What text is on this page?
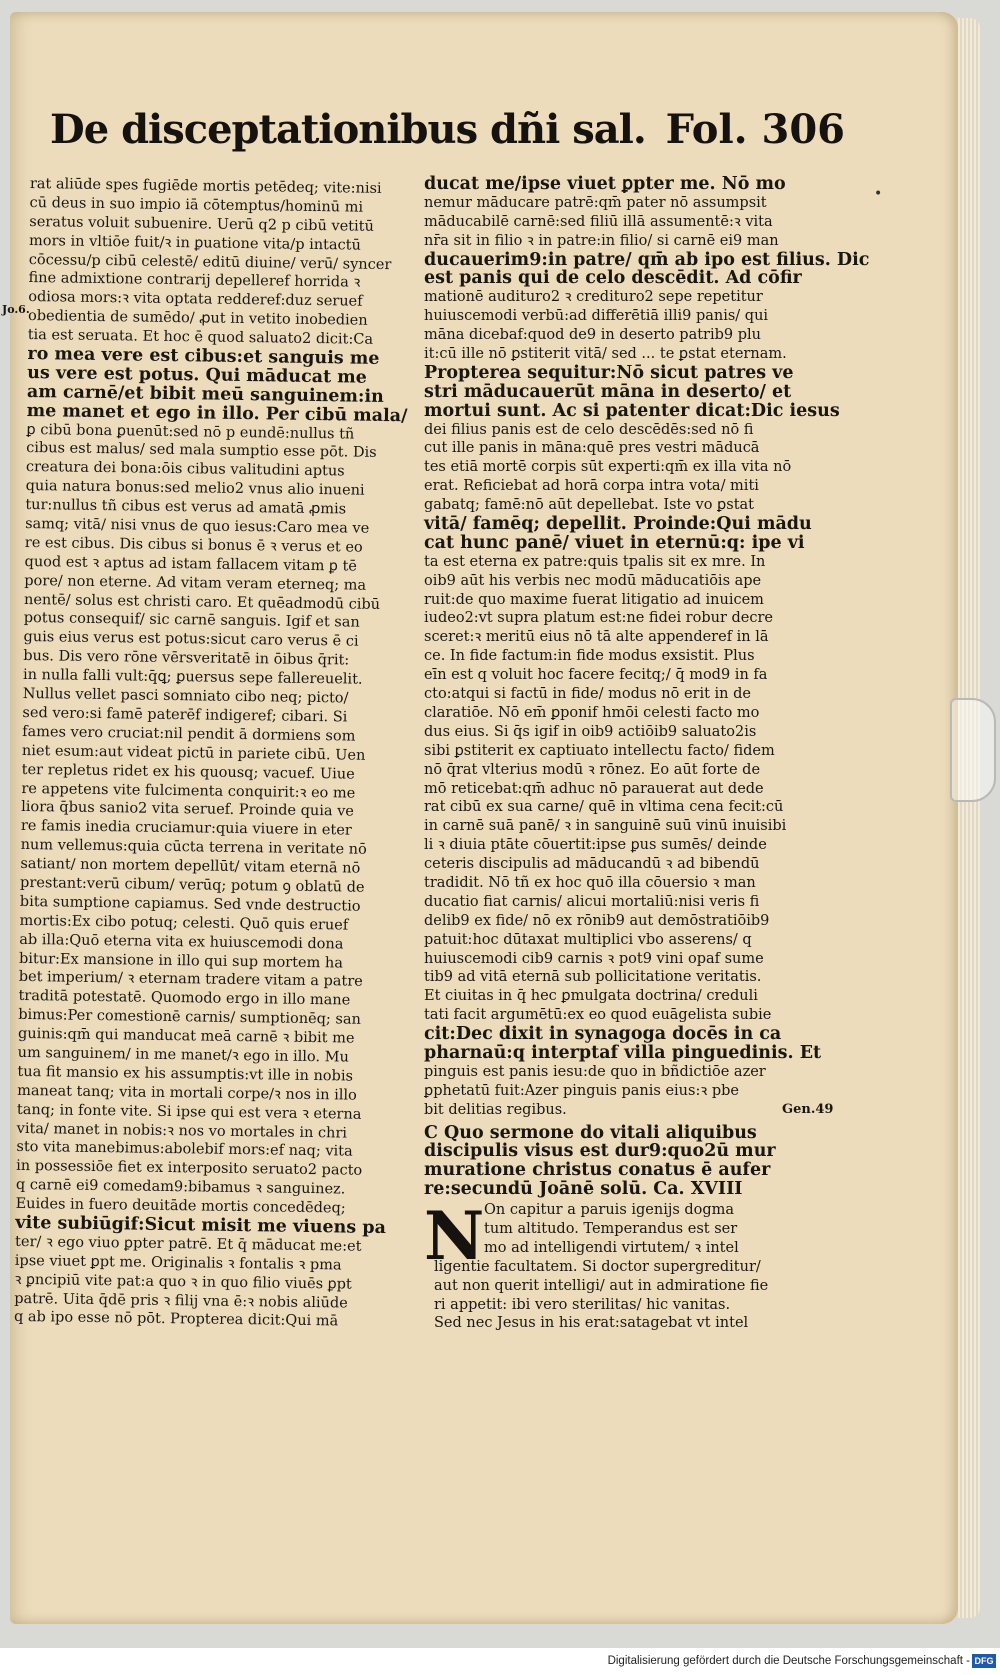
De disceptationibus dñi sal. Fol. 306
•
rat aliūde spes fugiēde mortis petēdeq; vite:nisi
cū deus in suo impio iā cōtemptus/hominū mi
seratus voluit subuenire. Uerū q2 p cibū vetitū
mors in vltiōe fuit/ꝛ in ꝑuatione vita/p intactū
cōcessu/p cibū celestē/ editū diuine/ verū/ syncer
fine admixtione contrarij depelleref horrida ꝛ
odiosa mors:ꝛ vita optata redderef:duz seruef
obedientia de sumēdo/ ꝓut in vetito inobedien
tia est seruata. Et hoc ē quod saluato2 dicit:Ca
ro mea vere est cibus:et sanguis me
us vere est potus. Qui māducat me
am carnē/et bibit meū sanguinem:in
me manet et ego in illo. Per cibū mala/
ꝑ cibū bona ꝑuenūt:sed nō p eundē:nullus tñ
cibus est malus/ sed mala sumptio esse pōt. Dis
creatura dei bona:ōis cibus valitudini aptus
quia natura bonus:sed melio2 vnus alio inueni
tur:nullus tñ cibus est verus ad amatā ꝓmis
samq; vitā/ nisi vnus de quo iesus:Caro mea ve
re est cibus. Dis cibus si bonus ē ꝛ verus et eo
quod est ꝛ aptus ad istam fallacem vitam ꝑ tē
pore/ non eterne. Ad vitam veram eterneq; ma
nentē/ solus est christi caro. Et quēadmodū cibū
potus consequif/ sic carnē sanguis. Igif et san
guis eius verus est potus:sicut caro verus ē ci
bus. Dis vero rōne vērsveritatē in ōibus q̄rit:
in nulla falli vult:q̄ꝗ; ꝑuersus sepe fallereuelit.
Nullus vellet pasci somniato cibo neq; picto/
sed vero:si famē paterēf indigeref; cibari. Si
fames vero cruciat:nil pendit ā dormiens som
niet esum:aut videat pictū in pariete cibū. Uen
ter repletus ridet ex his quousq; vacuef. Uiue
re appetens vite fulcimenta conquirit:ꝛ eo me
liora q̄bus sanio2 vita seruef. Proinde quia ve
re famis inedia cruciamur:quia viuere in eter
num vellemus:quia cūcta terrena in veritate nō
satiant/ non mortem depellūt/ vitam eternā nō
prestant:verū cibum/ verūq; potum ꝯ oblatū de
bita sumptione capiamus. Sed vnde destructio
mortis:Ex cibo potuq; celesti. Quō quis eruef
ab illa:Quō eterna vita ex huiuscemodi dona
bitur:Ex mansione in illo qui sup mortem ha
bet imperium/ ꝛ eternam tradere vitam a patre
traditā potestatē. Quomodo ergo in illo mane
bimus:Per comestionē carnis/ sumptionēq; san
guinis:qm̄ qui manducat meā carnē ꝛ bibit me
um sanguinem/ in me manet/ꝛ ego in illo. Mu
tua fit mansio ex his assumptis:vt ille in nobis
maneat tanq; vita in mortali corpe/ꝛ nos in illo
tanq; in fonte vite. Si ipse qui est vera ꝛ eterna
vita/ manet in nobis:ꝛ nos vo mortales in chri
sto vita manebimus:abolebif mors:ef naq; vita
in possessiōe fiet ex interposito seruato2 pacto
q carnē ei9 comedam9:bibamus ꝛ sanguinez.
Euides in fuero deuitāde mortis concedēdeq;
vite subiūgif:Sicut misit me viuens pa
ter/ ꝛ ego viuo ꝑpter patrē. Et q̄ māducat me:et
ipse viuet ꝑpt me. Originalis ꝛ fontalis ꝛ pma
ꝛ ꝑncipiū vite pat:a quo ꝛ in quo filio viuēs ꝑpt
patrē. Uita q̄dē pris ꝛ filij vna ē:ꝛ nobis aliūde
q ab ipo esse nō pōt. Propterea dicit:Qui mā
Jo.6.
ducat me/ipse viuet ꝑpter me. Nō mo
nemur māducare patrē:qm̄ pater nō assumpsit
māducabilē carnē:sed filiū illā assumentē:ꝛ vita
nr̄a sit in filio ꝛ in patre:in filio/ si carnē ei9 man
ducauerim9:in patre/ qm̄ ab ipo est filius. Dic
est panis qui de celo descēdit. Ad cōfir
mationē audituro2 ꝛ credituro2 sepe repetitur
huiuscemodi verbū:ad differētiā illi9 panis/ qui
māna dicebaf:quod de9 in deserto patrib9 plu
it:cū ille nō ꝑstiterit vitā/ sed ... te ꝑstat eternam.
Propterea sequitur:Nō sicut patres ve
stri māducauerūt māna in deserto/ et
mortui sunt. Ac si patenter dicat:Dic iesus
dei filius panis est de celo descēdēs:sed nō fi
cut ille panis in māna:quē pres vestri māducā
tes etiā mortē corpis sūt experti:qm̄ ex illa vita nō
erat. Reficiebat ad horā corpa intra vota/ miti
gabatq; famē:nō aūt depellebat. Iste vo ꝑstat
vitā/ famēq; depellit. Proinde:Qui mādu
cat hunc panē/ viuet in eternū:q: ipe vi
ta est eterna ex patre:quis tpalis sit ex mre. In
oib9 aūt his verbis nec modū māducatiōis ape
ruit:de quo maxime fuerat litigatio ad inuicem
iudeo2:vt supra platum est:ne fidei robur decre
sceret:ꝛ meritū eius nō tā alte appenderef in lā
ce. In fide factum:in fide modus exsistit. Plus
eīn est q voluit hoc facere fecitq;/ q̄ mod9 in fa
cto:atqui si factū in fide/ modus nō erit in de
claratiōe. Nō em̄ ꝑponif hmōi celesti facto mo
dus eius. Si q̄s igif in oib9 actiōib9 saluato2is
sibi ꝑstiterit ex captiuato intellectu facto/ fidem
nō q̄rat vlterius modū ꝛ rōnez. Eo aūt forte de
mō reticebat:qm̄ adhuc nō parauerat aut dede
rat cibū ex sua carne/ quē in vltima cena fecit:cū
in carnē suā panē/ ꝛ in sanguinē suū vinū inuisibi
li ꝛ diuia ptāte cōuertit:ipse ꝑus sumēs/ deinde
ceteris discipulis ad māducandū ꝛ ad bibendū
tradidit. Nō tñ ex hoc quō illa cōuersio ꝛ man
ducatio fiat carnis/ alicui mortaliū:nisi veris fi
delib9 ex fide/ nō ex rōnib9 aut demōstratiōib9
patuit:hoc dūtaxat multiplici vbo asserens/ q
huiuscemodi cib9 carnis ꝛ pot9 vini opaf sume
tib9 ad vitā eternā sub pollicitatione veritatis.
Et ciuitas in q̄ hec ꝑmulgata doctrina/ creduli
tati facit argumētū:ex eo quod euāgelista subie
cit:Dec dixit in synagoga docēs in ca
pharnaū:q interptaf villa pinguedinis. Et
pinguis est panis iesu:de quo in bñdictiōe azer
ꝑphetatū fuit:Azer pinguis panis eius:ꝛ pbe
bit delitias regibus.
C Quo sermone do vitali aliquibus
discipulis visus est dur9:quo2ū mur
muratione christus conatus ē aufer
re:secundū Joānē solū. Ca. XVIII
N On capitur a paruis igenijs dogma
tum altitudo. Temperandus est ser
mo ad intelligendi virtutem/ ꝛ intel
ligentie facultatem. Si doctor supergreditur/
aut non querit intelligi/ aut in admiratione fie
ri appetit: ibi vero sterilitas/ hic vanitas.
Sed nec Jesus in his erat:satagebat vt intel
Gen.49
Digitalisierung gefördert durch die Deutsche Forschungsgemeinschaft - DFG
